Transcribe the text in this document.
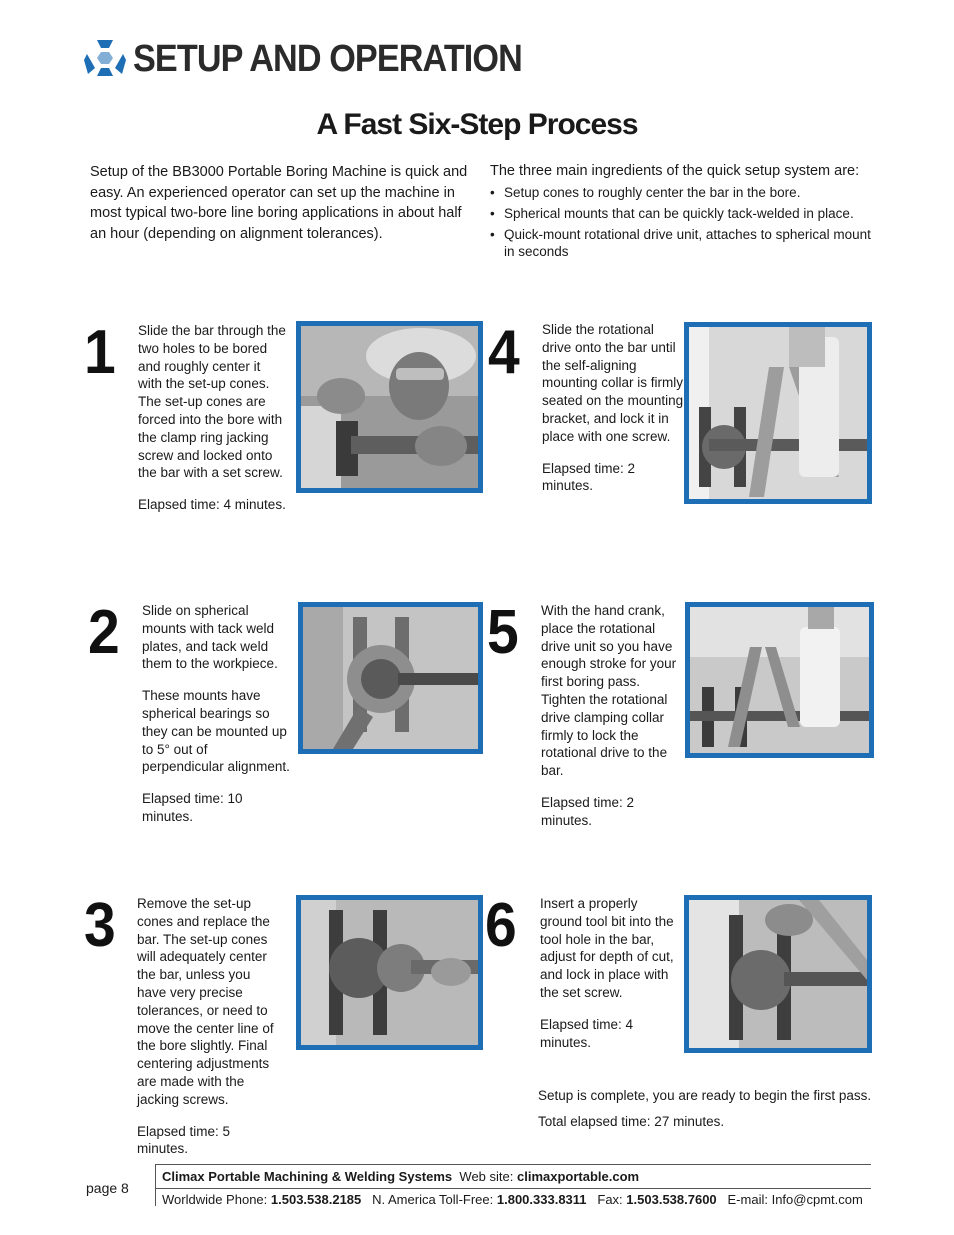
SETUP AND OPERATION
A Fast Six-Step Process

Setup of the BB3000 Portable Boring Machine is quick and easy. An experienced operator can set up the machine in most typical two-bore line boring applications in about half an hour (depending on alignment tolerances).

The three main ingredients of the quick setup system are:

• Setup cones to roughly center the bar in the bore.
• Spherical mounts that can be quickly tack-welded in place.
• Quick-mount rotational drive unit, attaches to spherical mount in seconds
1 Slide the bar through the two holes to be bored and roughly center it with the set-up cones. The set-up cones are forced into the bore with the clamp ring jacking screw and locked onto the bar with a set screw.

Elapsed time: 4 minutes.

2 Slide on spherical mounts with tack weld plates, and tack weld them to the workpiece.

These mounts have spherical bearings so they can be mounted up to 5° out of perpendicular alignment.

Elapsed time: 10 minutes.

3 Remove the set-up cones and replace the bar. The set-up cones will adequately center the bar, unless you have very precise tolerances, or need to move the center line of the bore slightly. Final centering adjustments are made with the jacking screws.

Elapsed time: 5 minutes.

4 Slide the rotational drive onto the bar until the self-aligning mounting collar is firmly seated on the mounting bracket, and lock it in place with one screw.

Elapsed time: 2 minutes.

5 With the hand crank, place the rotational drive unit so you have enough stroke for your first boring pass. Tighten the rotational drive clamping collar firmly to lock the rotational drive to the bar.

Elapsed time: 2 minutes.

6 Insert a properly ground tool bit into the tool hole in the bar, adjust for depth of cut, and lock in place with the set screw.

Elapsed time: 4 minutes.

Setup is complete, you are ready to begin the first pass.

Total elapsed time: 27 minutes.

page 8
Climax Portable Machining & Welding Systems Web site: climaxportable.com
Worldwide Phone: 1.503.538.2185 N. America Toll-Free: 1.800.333.8311 Fax: 1.503.538.7600 E-mail: Info@cpmt.com
